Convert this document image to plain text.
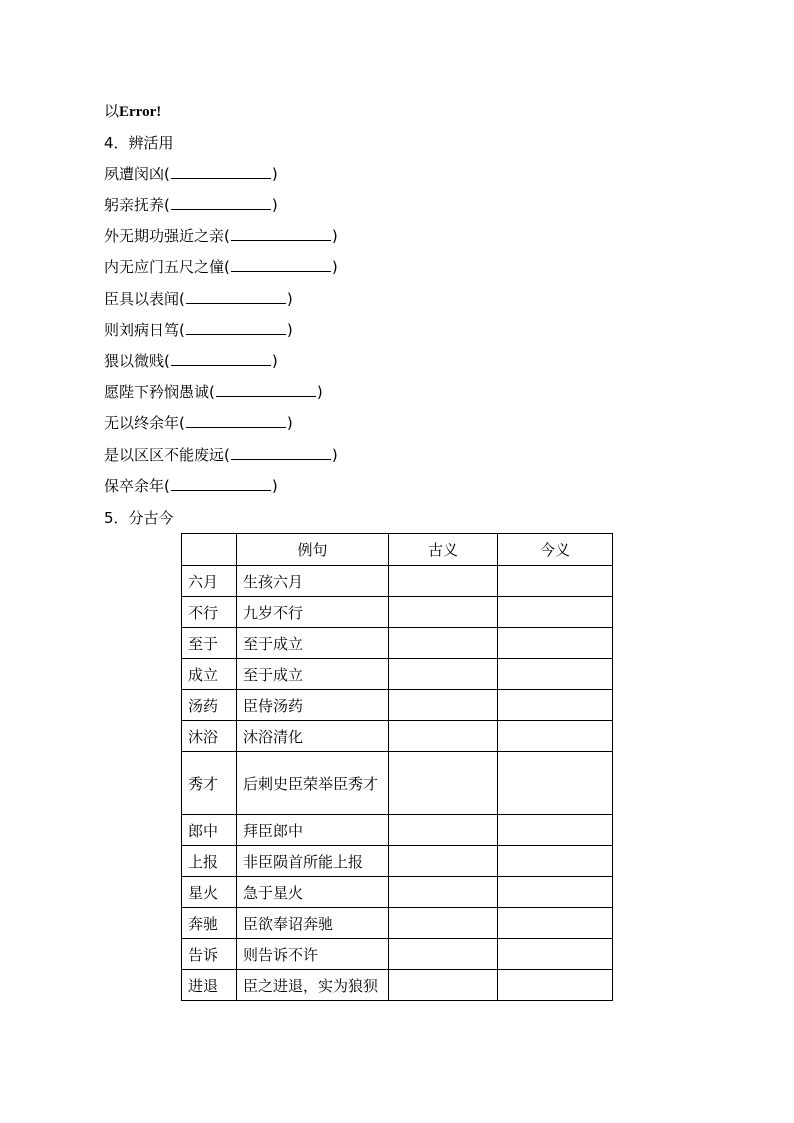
以Error!
4．辨活用
夙遭闵凶(	)
躬亲抚养(	)
外无期功强近之亲(	)
内无应门五尺之僮(	)
臣具以表闻(	)
则刘病日笃(	)
猥以微贱(	)
愿陛下矜悯愚诚(	)
无以终余年(	)
是以区区不能废远(	)
保卒余年(	)
5．分古今
	例句	古义	今义
六月	生孩六月		
不行	九岁不行		
至于	至于成立		
成立	至于成立		
汤药	臣侍汤药		
沐浴	沐浴清化		
秀才	后刺史臣荣举臣秀才		
郎中	拜臣郎中		
上报	非臣陨首所能上报		
星火	急于星火		
奔驰	臣欲奉诏奔驰		
告诉	则告诉不许		
进退	臣之进退，实为狼狈		
